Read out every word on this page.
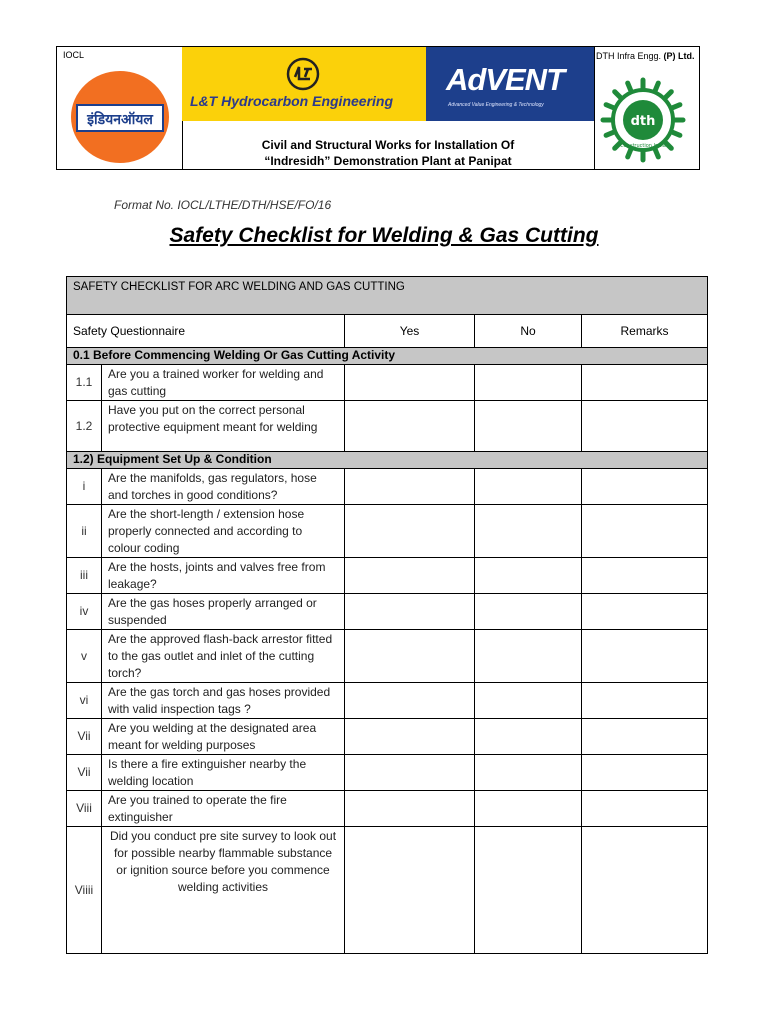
IOCL
इंडियनऑयल
L&T Hydrocarbon Engineering
AdVENT
Advanced Value Engineering & Technology
Civil and Structural Works for Installation Of
“Indresidh” Demonstration Plant at Panipat
DTH Infra Engg. (P) Ltd.
dth
Construction India
Format No. IOCL/LTHE/DTH/HSE/FO/16
Safety Checklist for Welding & Gas Cutting
SAFETY CHECKLIST FOR ARC WELDING AND GAS CUTTING				
Safety Questionnaire		Yes	No	Remarks
0.1 Before Commencing Welding Or Gas Cutting Activity				
1.1	Are you a trained worker for welding and gas cutting			
1.2	Have you put on the correct personal protective equipment meant for welding			
1.2) Equipment Set Up & Condition				
i	Are the manifolds, gas regulators, hose and torches in good conditions?			
ii	Are the short-length / extension hose properly connected and according to colour coding			
iii	Are the hosts, joints and valves free from leakage?			
iv	Are the gas hoses properly arranged or suspended			
v	Are the approved flash-back arrestor fitted to the gas outlet and inlet of the cutting torch?			
vi	Are the gas torch and gas hoses provided with valid inspection tags ?			
Vii	Are you welding at the designated area meant for welding purposes			
Vii	Is there a fire extinguisher nearby the welding location			
Viii	Are you trained to operate the fire extinguisher			
Viiii	Did you conduct pre site survey to look out for possible nearby flammable substance or ignition source before you commence welding activities			
